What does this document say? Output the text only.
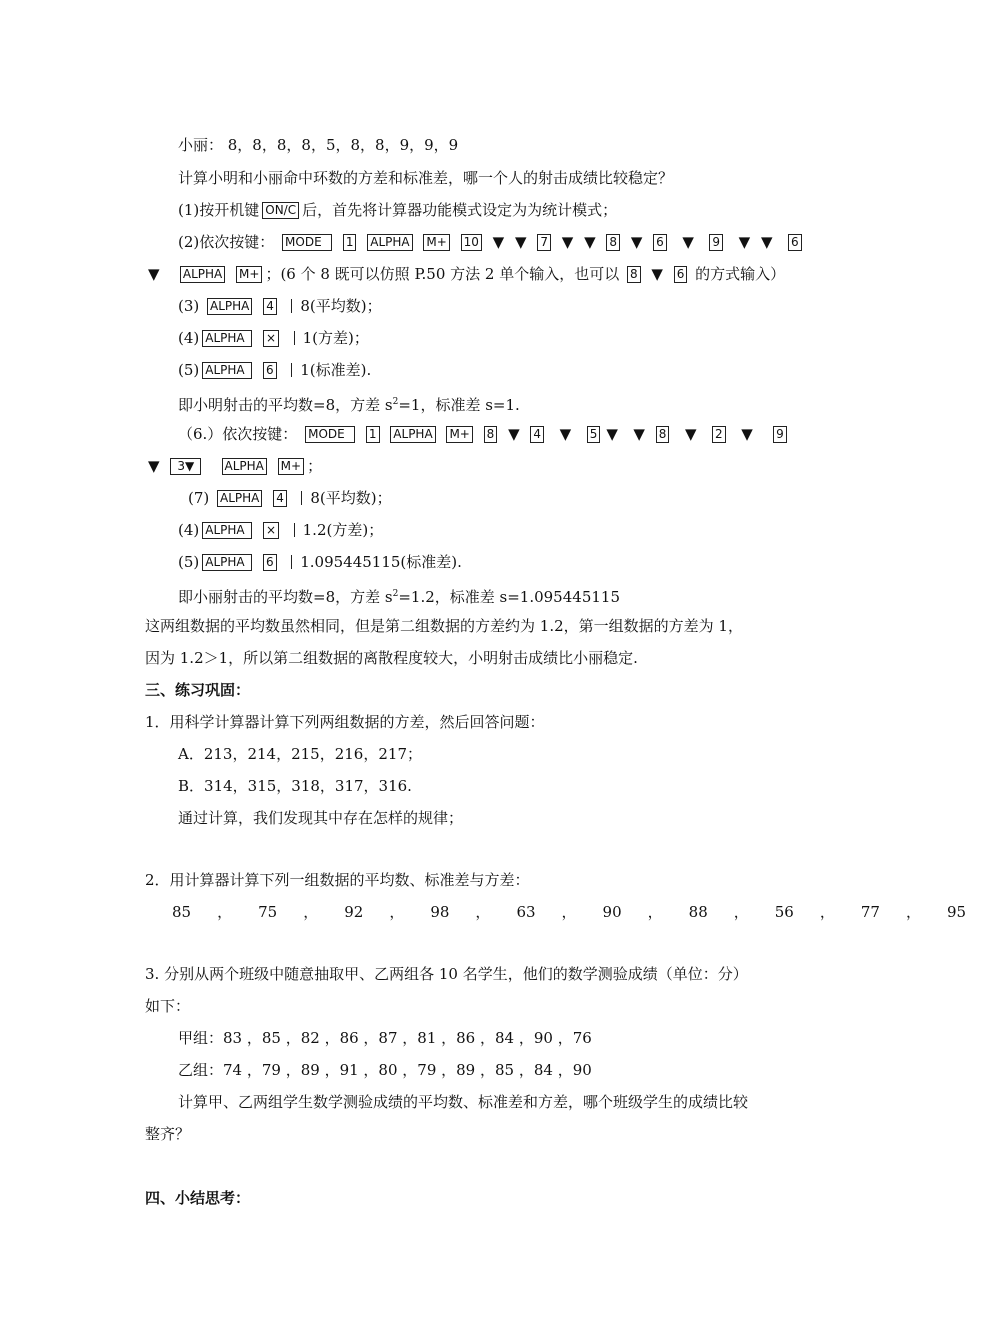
小丽： 8，8，8，8，5，8，8，9，9，9
计算小明和小丽命中环数的方差和标准差，哪一个人的射击成绩比较稳定？
(1)按开机键 ON/C 后，首先将计算器功能模式设定为为统计模式；
(2)依次按键： MODE 1 ALPHA M+ 10 ▼ ▼ 7 ▼ ▼ 8 ▼ 6 ▼ 9 ▼ ▼ 6
▼ ALPHA M+ ；(6 个 8 既可以仿照 P.50 方法 2 单个输入，也可以 8 ▼ 6 的方式输入）
(3) ALPHA 4 8(平均数)；
(4) ALPHA × 1(方差)；
(5) ALPHA 6 1(标准差).
即小明射击的平均数=8，方差 $s^2=1$，标准差 s=1.
（6.）依次按键： MODE 1 ALPHA M+ 8 ▼ 4 ▼ 5 ▼ ▼ 8 ▼ 2 ▼ 9
▼ 3▼	ALPHA M+ ；
(7) ALPHA 4 8(平均数)；
(4) ALPHA × 1.2(方差)；
(5) ALPHA 6 1.095445115(标准差).
即小丽射击的平均数=8，方差 $s^2=1.2$，标准差 s=1.095445115
这两组数据的平均数虽然相同，但是第二组数据的方差约为 1.2，第一组数据的方差为 1，
因为 1.2＞1，所以第二组数据的离散程度较大，小明射击成绩比小丽稳定.
三、练习巩固：
1．用科学计算器计算下列两组数据的方差，然后回答问题：
A．213，214，215，216，217；
B．314，315，318，317，316.
通过计算，我们发现其中存在怎样的规律；
2．用计算器计算下列一组数据的平均数、标准差与方差：
85 ， 75 ， 92 ， 98 ， 63 ， 90 ， 88 ， 56 ， 77 ， 95
3. 分别从两个班级中随意抽取甲、乙两组各 10 名学生，他们的数学测验成绩（单位：分）
如下：
甲组：83 ，85 ，82 ，86 ，87 ，81 ，86 ，84 ，90 ，76
乙组：74 ，79 ，89 ，91 ，80 ，79 ，89 ，85 ，84 ，90
计算甲、乙两组学生数学测验成绩的平均数、标准差和方差，哪个班级学生的成绩比较
整齐？
四、小结思考：
